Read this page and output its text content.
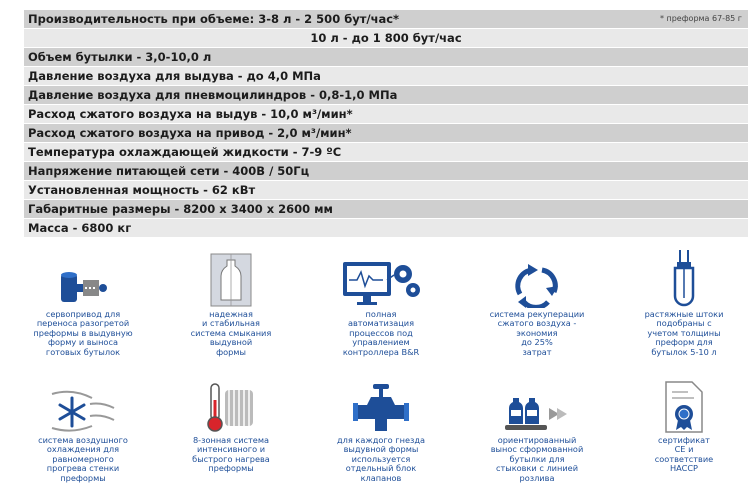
Производительность при объеме: 3-8 л - 2 500 бут/час*	* преформа 67-85 г
10 л - до 1 800 бут/час
Объем бутылки - 3,0-10,0 л
Давление воздуха для выдува - до 4,0 МПа
Давление воздуха для пневмоцилиндров - 0,8-1,0 МПа
Расход сжатого воздуха на выдув - 10,0 м³/мин*
Расход сжатого воздуха на привод - 2,0 м³/мин*
Температура охлаждающей жидкости - 7-9 ºС
Напряжение питающей сети - 400В / 50Гц
Установленная мощность - 62 кВт
Габаритные размеры - 8200 х 3400 х 2600 мм
Масса - 6800 кг
сервопривод для
переноса разогретой
преформы в выдувную
форму и выноса
готовых бутылок
надежная
и стабильная
система смыкания
выдувной
формы
полная
автоматизация
процессов под
управлением
контроллера B&R
система рекуперации
сжатого воздуха -
экономия
до 25%
затрат
растяжные штоки
подобраны с
учетом толщины
преформ для
бутылок 5-10 л
система воздушного
охлаждения для
равномерного
прогрева стенки
преформы
8-зонная система
интенсивного и
быстрого нагрева
преформы
для каждого гнезда
выдувной формы
используется
отдельный блок
клапанов
ориентированный
вынос сформованной
бутылки для
стыковки с линией
розлива
сертификат
CE и
соответствие
HACCP
